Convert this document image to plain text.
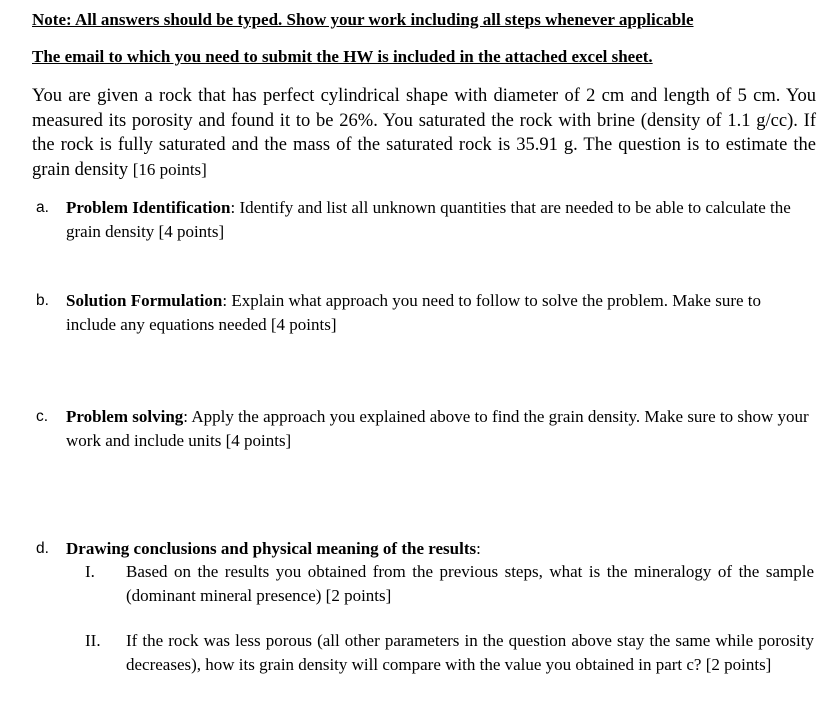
Note: All answers should be typed. Show your work including all steps whenever applicable
The email to which you need to submit the HW is included in the attached excel sheet.
You are given a rock that has perfect cylindrical shape with diameter of 2 cm and length of 5 cm. You measured its porosity and found it to be 26%. You saturated the rock with brine (density of 1.1 g/cc). If the rock is fully saturated and the mass of the saturated rock is 35.91 g. The question is to estimate the grain density [16 points]
a. Problem Identification: Identify and list all unknown quantities that are needed to be able to calculate the grain density [4 points]
b. Solution Formulation: Explain what approach you need to follow to solve the problem. Make sure to include any equations needed [4 points]
c. Problem solving: Apply the approach you explained above to find the grain density. Make sure to show your work and include units [4 points]
d. Drawing conclusions and physical meaning of the results:
I. Based on the results you obtained from the previous steps, what is the mineralogy of the sample (dominant mineral presence) [2 points]
II. If the rock was less porous (all other parameters in the question above stay the same while porosity decreases), how its grain density will compare with the value you obtained in part c? [2 points]
